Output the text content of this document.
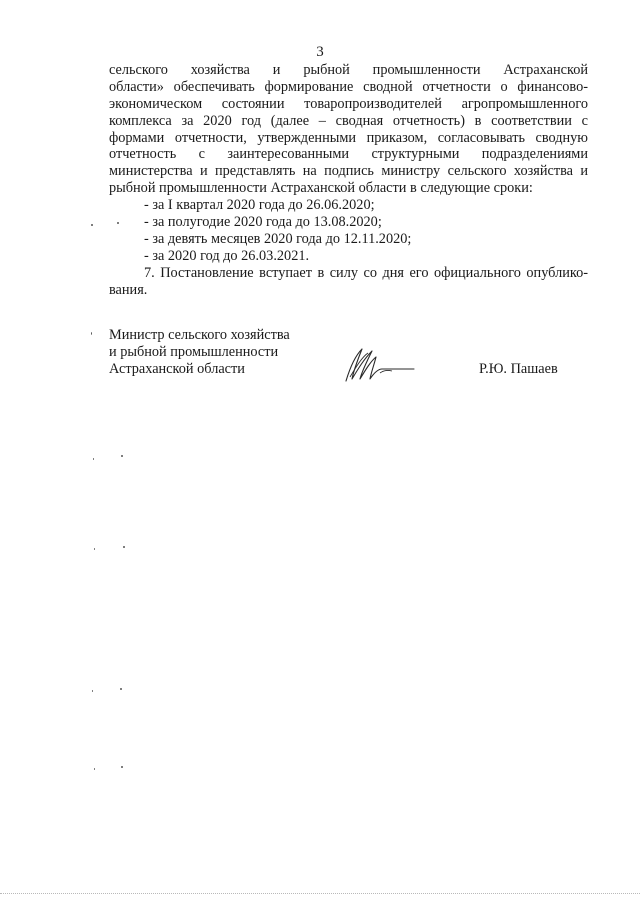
3
сельского хозяйства и рыбной промышленности Астраханской
области» обеспечивать формирование сводной отчетности о финансово-
экономическом состоянии товаропроизводителей агропромышленного
комплекса за 2020 год (далее – сводная отчетность) в соответствии с
формами отчетности, утвержденными приказом, согласовывать сводную
отчетность с заинтересованными структурными подразделениями
министерства и представлять на подпись министру сельского хозяйства и
рыбной промышленности Астраханской области в следующие сроки:
- за I квартал 2020 года до 26.06.2020;
- за полугодие 2020 года до 13.08.2020;
- за девять месяцев 2020 года до 12.11.2020;
- за 2020 год до 26.03.2021.
7. Постановление вступает в силу со дня его официального опублико-
вания.
Министр сельского хозяйства
и рыбной промышленности
Астраханской области	Р.Ю. Пашаев
